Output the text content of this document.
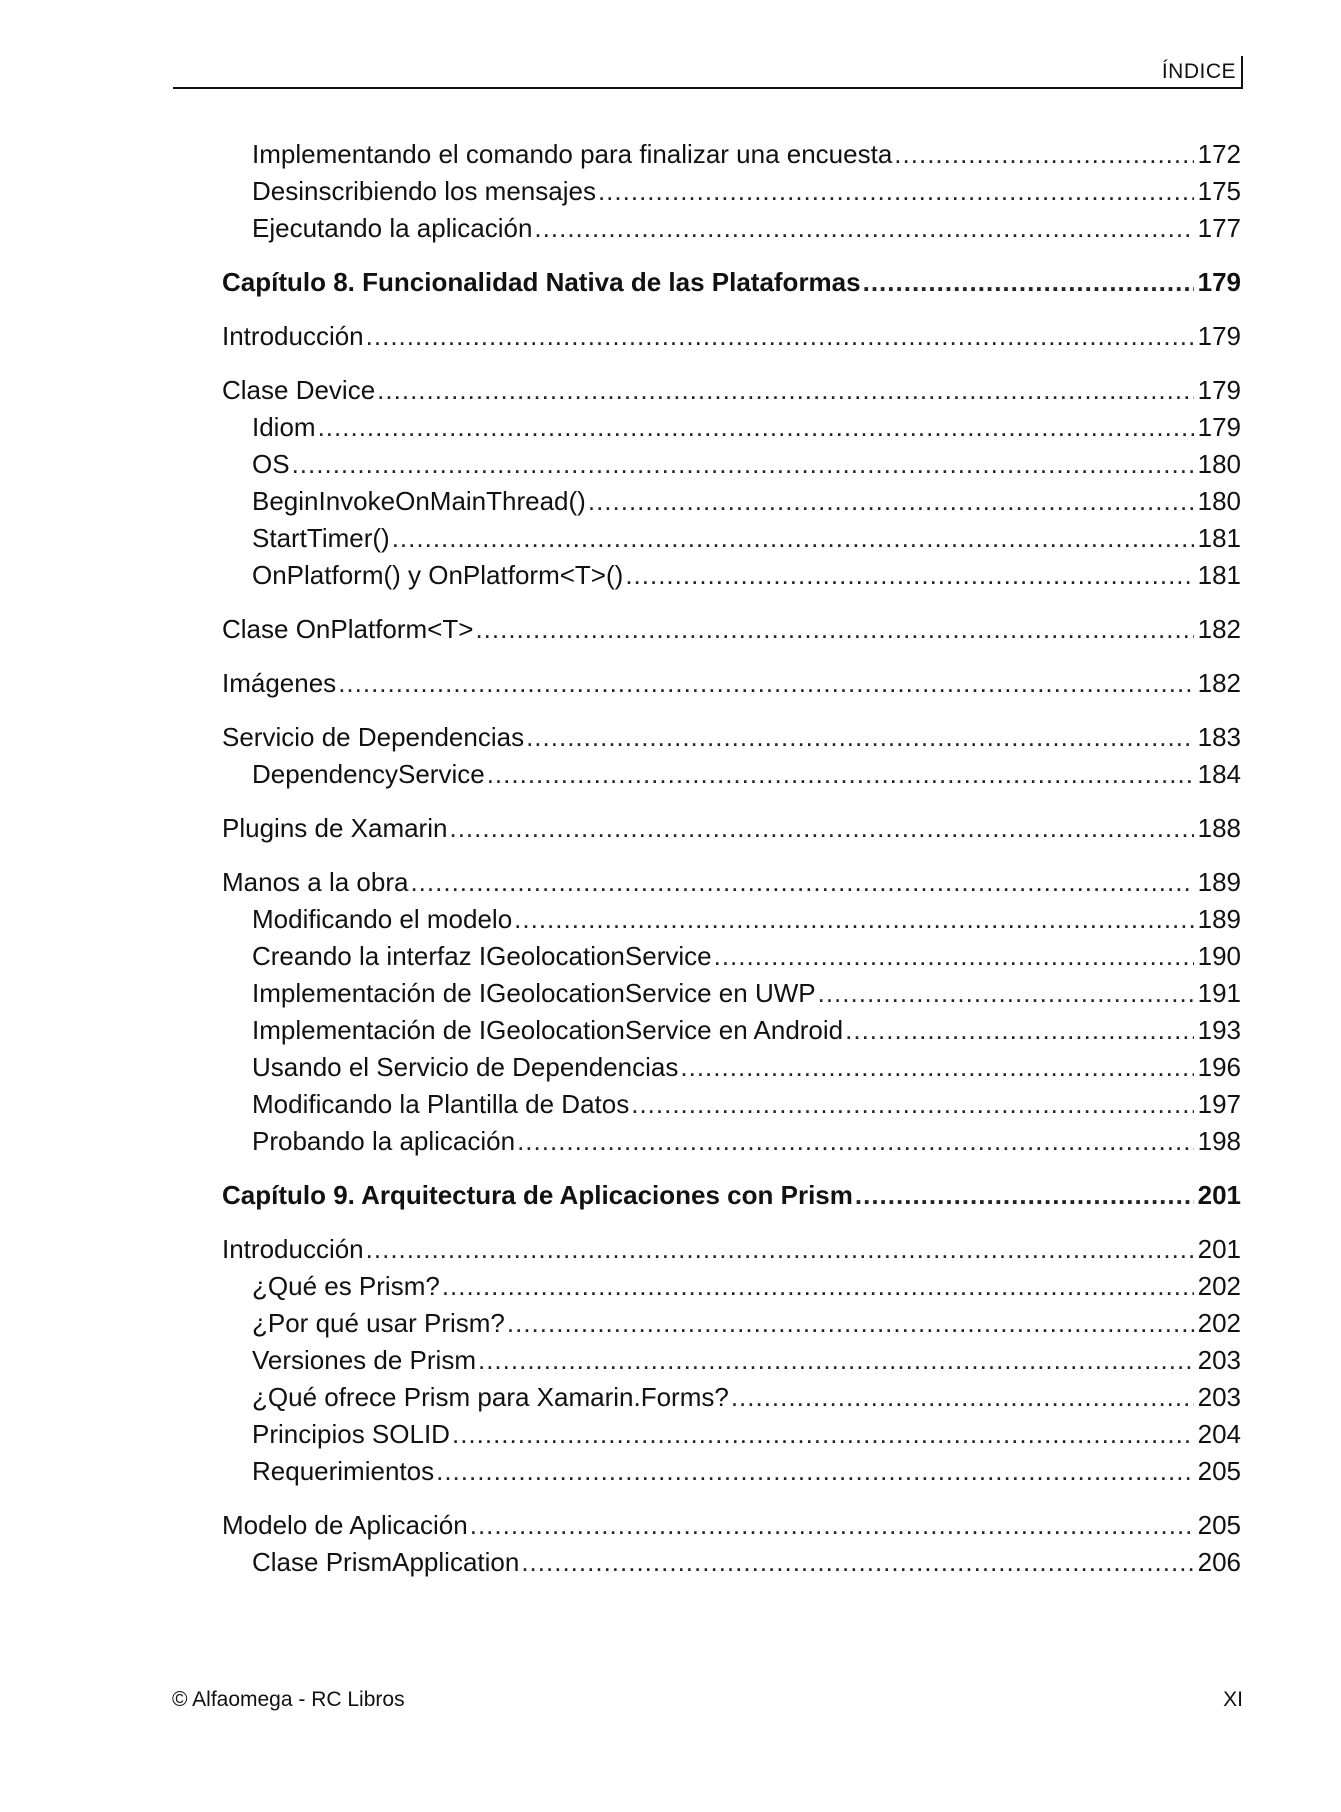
ÍNDICE
Implementando el comando para finalizar una encuesta .....	172
Desinscribiendo los mensajes .....	175
Ejecutando la aplicación .....	177
Capítulo 8. Funcionalidad Nativa de las Plataformas .....	179
Introducción .....	179
Clase Device .....	179
Idiom .....	179
OS .....	180
BeginInvokeOnMainThread() .....	180
StartTimer() .....	181
OnPlatform() y OnPlatform<T>() .....	181
Clase OnPlatform<T> .....	182
Imágenes .....	182
Servicio de Dependencias .....	183
DependencyService .....	184
Plugins de Xamarin .....	188
Manos a la obra .....	189
Modificando el modelo .....	189
Creando la interfaz IGeolocationService .....	190
Implementación de IGeolocationService en UWP .....	191
Implementación de IGeolocationService en Android .....	193
Usando el Servicio de Dependencias .....	196
Modificando la Plantilla de Datos .....	197
Probando la aplicación .....	198
Capítulo 9. Arquitectura de Aplicaciones con Prism .....	201
Introducción .....	201
¿Qué es Prism? .....	202
¿Por qué usar Prism? .....	202
Versiones de Prism .....	203
¿Qué ofrece Prism para Xamarin.Forms? .....	203
Principios SOLID .....	204
Requerimientos .....	205
Modelo de Aplicación .....	205
Clase PrismApplication .....	206
© Alfaomega - RC Libros	XI
